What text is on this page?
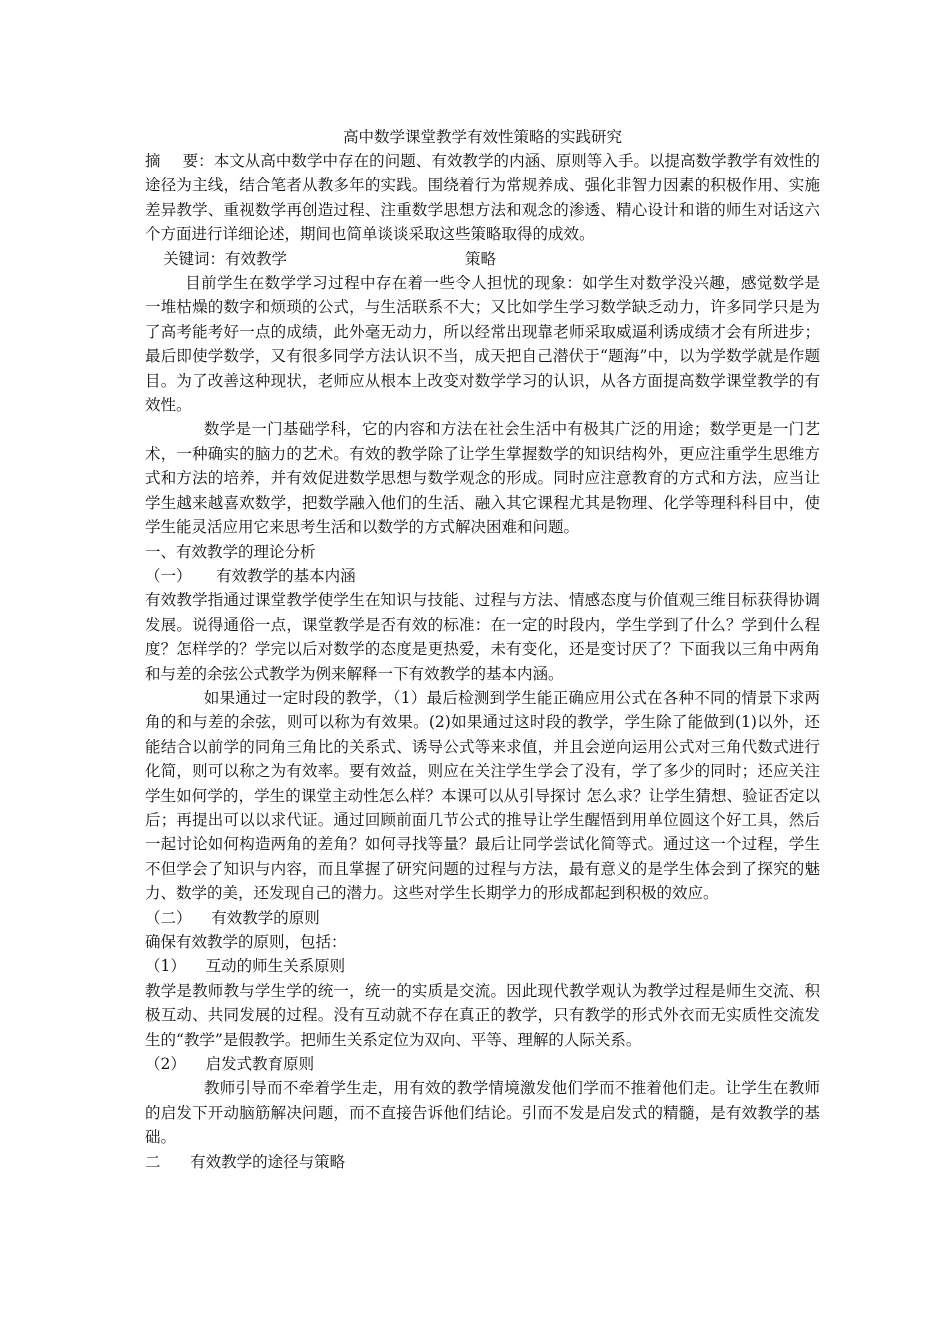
高中数学课堂教学有效性策略的实践研究

摘 要：本文从高中数学中存在的问题、有效教学的内涵、原则等入手。以提高数学教学有效性的途径为主线，结合笔者从教多年的实践。围绕着行为常规养成、强化非智力因素的积极作用、实施差异教学、重视数学再创造过程、注重数学思想方法和观念的渗透、精心设计和谐的师生对话这六个方面进行详细论述，期间也简单谈谈采取这些策略取得的成效。

关键词：有效教学	策略

目前学生在数学学习过程中存在着一些令人担忧的现象：如学生对数学没兴趣，感觉数学是一堆枯燥的数字和烦琐的公式，与生活联系不大；又比如学生学习数学缺乏动力，许多同学只是为了高考能考好一点的成绩，此外毫无动力，所以经常出现靠老师采取威逼利诱成绩才会有所进步；最后即使学数学，又有很多同学方法认识不当，成天把自己潜伏于“题海”中，以为学数学就是作题目。为了改善这种现状，老师应从根本上改变对数学学习的认识，从各方面提高数学课堂教学的有效性。

数学是一门基础学科，它的内容和方法在社会生活中有极其广泛的用途；数学更是一门艺术，一种确实的脑力的艺术。有效的教学除了让学生掌握数学的知识结构外，更应注重学生思维方式和方法的培养，并有效促进数学思想与数学观念的形成。同时应注意教育的方式和方法，应当让学生越来越喜欢数学，把数学融入他们的生活、融入其它课程尤其是物理、化学等理科科目中，使学生能灵活应用它来思考生活和以数学的方式解决困难和问题。

一、有效教学的理论分析

（一） 有效教学的基本内涵

有效教学指通过课堂教学使学生在知识与技能、过程与方法、情感态度与价值观三维目标获得协调发展。说得通俗一点，课堂教学是否有效的标准：在一定的时段内，学生学到了什么？学到什么程度？怎样学的？学完以后对数学的态度是更热爱，未有变化，还是变讨厌了？下面我以三角中两角和与差的余弦公式教学为例来解释一下有效教学的基本内涵。

如果通过一定时段的教学，（1）最后检测到学生能正确应用公式在各种不同的情景下求两角的和与差的余弦，则可以称为有效果。(2)如果通过这时段的教学，学生除了能做到(1)以外，还能结合以前学的同角三角比的关系式、诱导公式等来求值，并且会逆向运用公式对三角代数式进行化简，则可以称之为有效率。要有效益，则应在关注学生学会了没有，学了多少的同时；还应关注学生如何学的，学生的课堂主动性怎么样？本课可以从引导探讨 怎么求？让学生猜想、验证否定以后；再提出可以以求代证。通过回顾前面几节公式的推导让学生醒悟到用单位圆这个好工具，然后一起讨论如何构造两角的差角？如何寻找等量？最后让同学尝试化简等式。通过这一个过程，学生不但学会了知识与内容，而且掌握了研究问题的过程与方法，最有意义的是学生体会到了探究的魅力、数学的美，还发现自己的潜力。这些对学生长期学力的形成都起到积极的效应。

（二） 有效教学的原则

确保有效教学的原则，包括：

（1） 互动的师生关系原则

教学是教师教与学生学的统一，统一的实质是交流。因此现代教学观认为教学过程是师生交流、积极互动、共同发展的过程。没有互动就不存在真正的教学，只有教学的形式外衣而无实质性交流发生的“教学”是假教学。把师生关系定位为双向、平等、理解的人际关系。

（2） 启发式教育原则

教师引导而不牵着学生走，用有效的教学情境激发他们学而不推着他们走。让学生在教师的启发下开动脑筋解决问题，而不直接告诉他们结论。引而不发是启发式的精髓，是有效教学的基础。

二 有效教学的途径与策略
